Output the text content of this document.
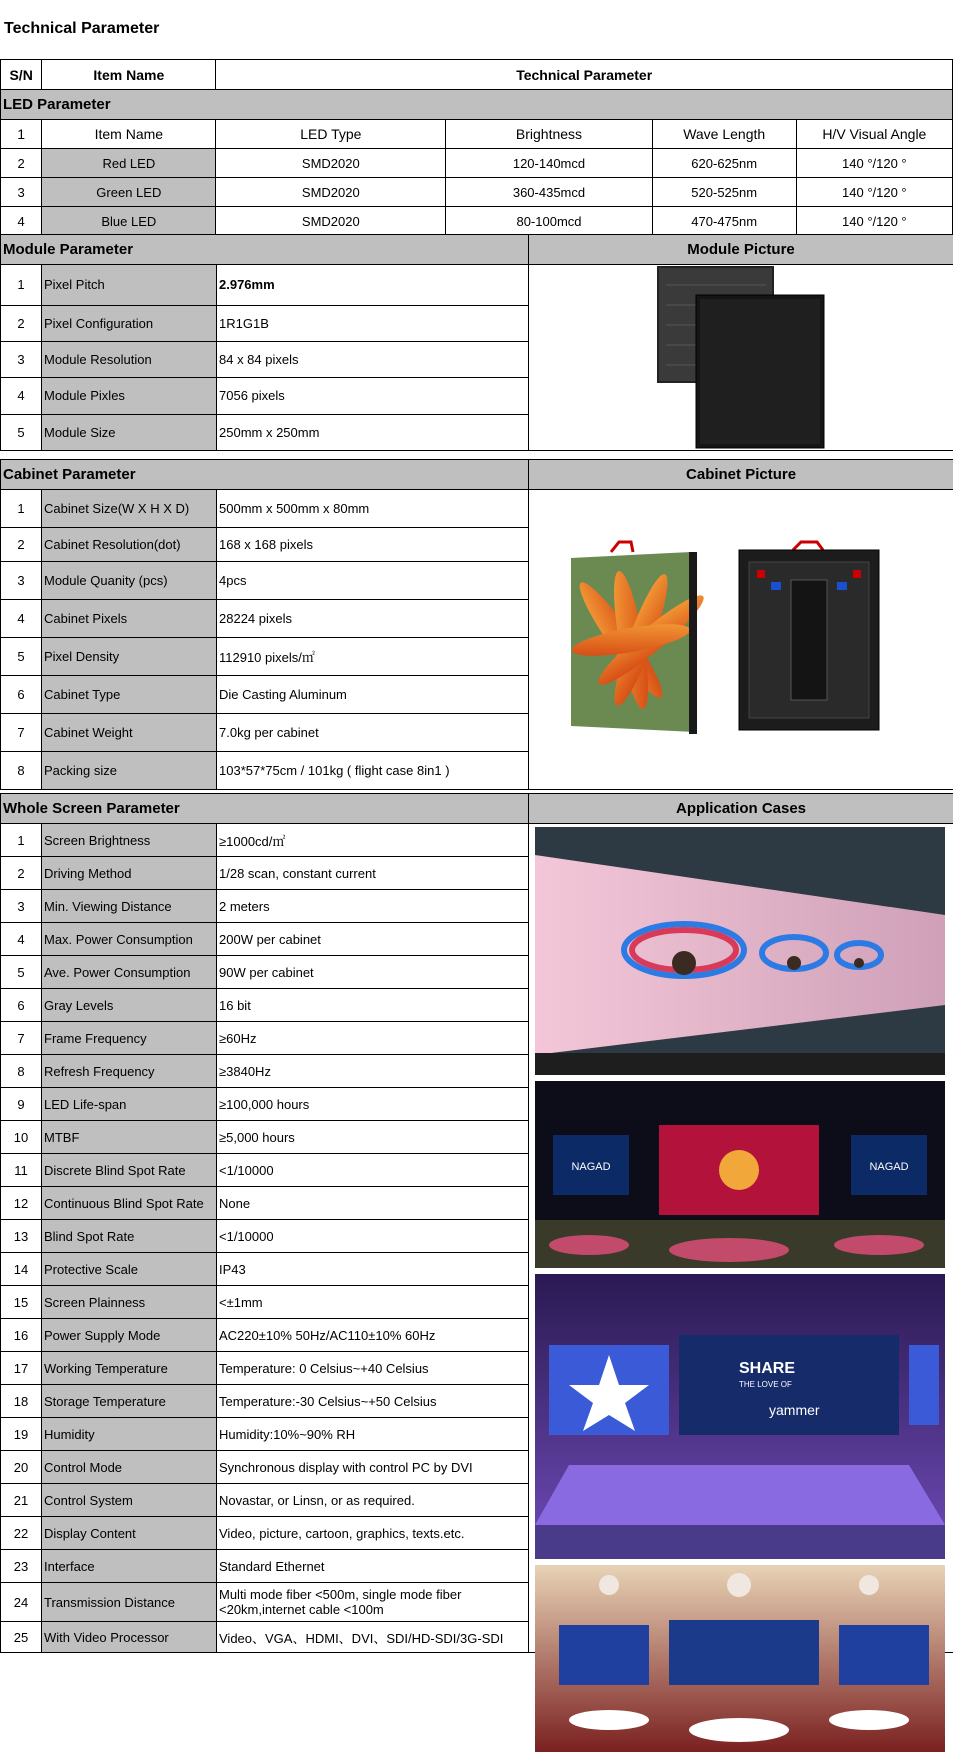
Technical Parameter
S/N	Item Name	Technical Parameter			
LED Parameter					
1	Item Name	LED Type	Brightness	Wave Length	H/V Visual Angle
2	Red LED	SMD2020	120-140mcd	620-625nm	140 °/120 °
3	Green LED	SMD2020	360-435mcd	520-525nm	140 °/120 °
4	Blue LED	SMD2020	80-100mcd	470-475nm	140 °/120 °
Module Parameter			Module Picture
1	Pixel Pitch	2.976mm	

2	Pixel Configuration	1R1G1B	
3	Module Resolution	84 x 84 pixels	
4	Module Pixles	7056 pixels	
5	Module Size	250mm x 250mm	
Cabinet Parameter			Cabinet Picture
1	Cabinet Size(W X H X D)	500mm x 500mm x 80mm	

2	Cabinet Resolution(dot)	168 x 168 pixels	
3	Module Quanity (pcs)	4pcs	
4	Cabinet Pixels	28224 pixels	
5	Pixel Density	112910 pixels/㎡	
6	Cabinet Type	Die Casting Aluminum	
7	Cabinet Weight	7.0kg per cabinet	
8	Packing size	103*57*75cm / 101kg ( flight case 8in1 )	
Whole Screen Parameter			Application Cases
1	Screen Brightness	≥1000cd/㎡	
2	Driving Method	1/28 scan, constant current	
3	Min. Viewing Distance	2 meters	
4	Max. Power Consumption	200W per cabinet	
5	Ave. Power Consumption	90W per cabinet	
6	Gray Levels	16 bit	
7	Frame Frequency	≥60Hz	
8	Refresh Frequency	≥3840Hz	
9	LED Life-span	≥100,000 hours	
10	MTBF	≥5,000 hours	
11	Discrete Blind Spot Rate	<1/10000	
12	Continuous Blind Spot Rate	None	
13	Blind Spot Rate	<1/10000	
14	Protective Scale	IP43	
15	Screen Plainness	<±1mm	
16	Power Supply Mode	AC220±10% 50Hz/AC110±10% 60Hz	
17	Working Temperature	Temperature: 0 Celsius~+40 Celsius	
18	Storage Temperature	Temperature:-30 Celsius~+50 Celsius	
19	Humidity	Humidity:10%~90% RH	
20	Control Mode	Synchronous display with control PC by DVI	
21	Control System	Novastar, or Linsn, or as required.	
22	Display Content	Video, picture, cartoon, graphics, texts.etc.	
23	Interface	Standard Ethernet	
24	Transmission Distance	Multi mode fiber <500m, single mode fiber <20km,internet cable <100m	
25	With Video Processor	Video、VGA、HDMI、DVI、SDI/HD-SDI/3G-SDI	
NAGAD	NAGAD
SHARE
THE LOVE OF
yammer
